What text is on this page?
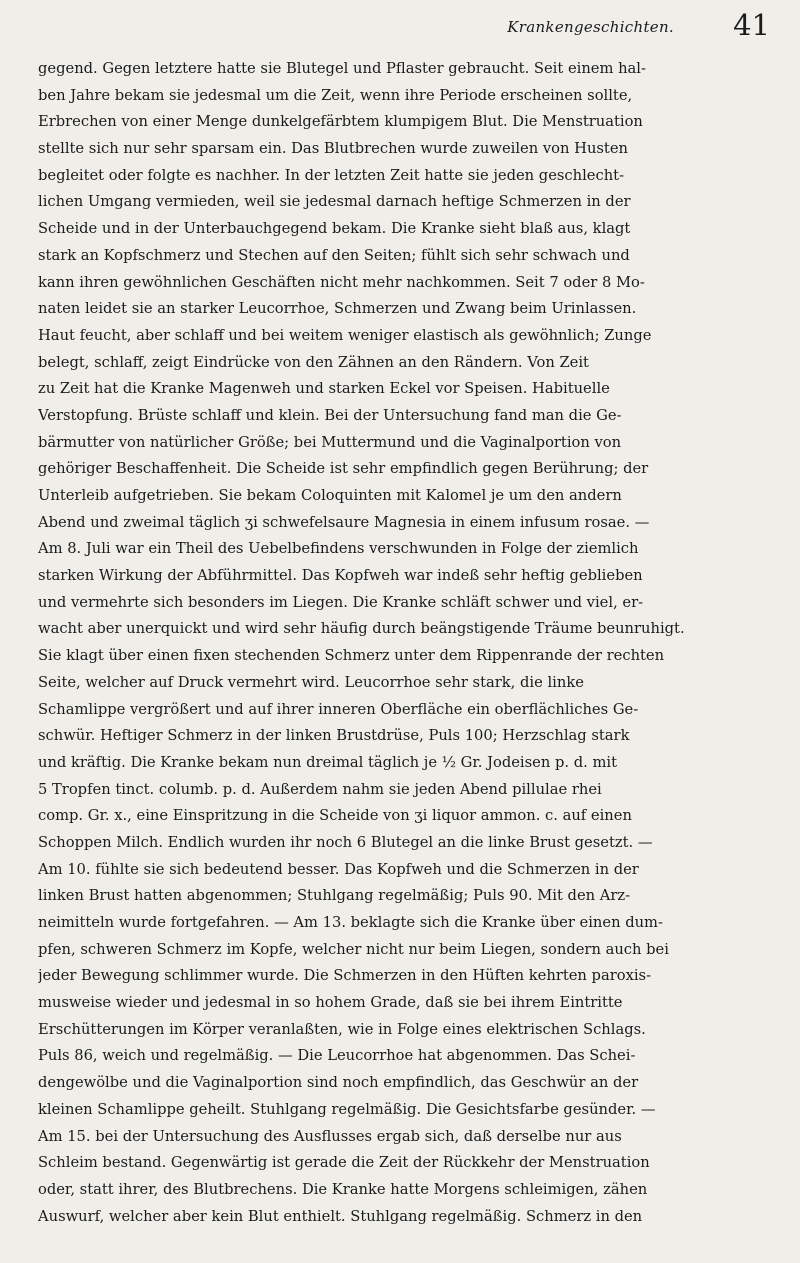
Krankengeschichten. 41
gegend. Gegen letztere hatte sie Blutegel und Pflaster gebraucht. Seit einem hal-
ben Jahre bekam sie jedesmal um die Zeit, wenn ihre Periode erscheinen sollte,
Erbrechen von einer Menge dunkelgefärbtem klumpigem Blut. Die Menstruation
stellte sich nur sehr sparsam ein. Das Blutbrechen wurde zuweilen von Husten
begleitet oder folgte es nachher. In der letzten Zeit hatte sie jeden geschlecht-
lichen Umgang vermieden, weil sie jedesmal darnach heftige Schmerzen in der
Scheide und in der Unterbauchgegend bekam. Die Kranke sieht blaß aus, klagt
stark an Kopfschmerz und Stechen auf den Seiten; fühlt sich sehr schwach und
kann ihren gewöhnlichen Geschäften nicht mehr nachkommen. Seit 7 oder 8 Mo-
naten leidet sie an starker Leucorrhoe, Schmerzen und Zwang beim Urinlassen.
Haut feucht, aber schlaff und bei weitem weniger elastisch als gewöhnlich; Zunge
belegt, schlaff, zeigt Eindrücke von den Zähnen an den Rändern. Von Zeit
zu Zeit hat die Kranke Magenweh und starken Eckel vor Speisen. Habituelle
Verstopfung. Brüste schlaff und klein. Bei der Untersuchung fand man die Ge-
bärmutter von natürlicher Größe; bei Muttermund und die Vaginalportion von
gehöriger Beschaffenheit. Die Scheide ist sehr empfindlich gegen Berührung; der
Unterleib aufgetrieben. Sie bekam Coloquinten mit Kalomel je um den andern
Abend und zweimal täglich ʒi schwefelsaure Magnesia in einem infusum rosae. —
Am 8. Juli war ein Theil des Uebelbefindens verschwunden in Folge der ziemlich
starken Wirkung der Abführmittel. Das Kopfweh war indeß sehr heftig geblieben
und vermehrte sich besonders im Liegen. Die Kranke schläft schwer und viel, er-
wacht aber unerquickt und wird sehr häufig durch beängstigende Träume beunruhigt.
Sie klagt über einen fixen stechenden Schmerz unter dem Rippenrande der rechten
Seite, welcher auf Druck vermehrt wird. Leucorrhoe sehr stark, die linke
Schamlippe vergrößert und auf ihrer inneren Oberfläche ein oberflächliches Ge-
schwür. Heftiger Schmerz in der linken Brustdrüse, Puls 100; Herzschlag stark
und kräftig. Die Kranke bekam nun dreimal täglich je ½ Gr. Jodeisen p. d. mit
5 Tropfen tinct. columb. p. d. Außerdem nahm sie jeden Abend pillulae rhei
comp. Gr. x., eine Einspritzung in die Scheide von ʒi liquor ammon. c. auf einen
Schoppen Milch. Endlich wurden ihr noch 6 Blutegel an die linke Brust gesetzt. —
Am 10. fühlte sie sich bedeutend besser. Das Kopfweh und die Schmerzen in der
linken Brust hatten abgenommen; Stuhlgang regelmäßig; Puls 90. Mit den Arz-
neimitteln wurde fortgefahren. — Am 13. beklagte sich die Kranke über einen dum-
pfen, schweren Schmerz im Kopfe, welcher nicht nur beim Liegen, sondern auch bei
jeder Bewegung schlimmer wurde. Die Schmerzen in den Hüften kehrten paroxis-
musweise wieder und jedesmal in so hohem Grade, daß sie bei ihrem Eintritte
Erschütterungen im Körper veranlaßten, wie in Folge eines elektrischen Schlags.
Puls 86, weich und regelmäßig. — Die Leucorrhoe hat abgenommen. Das Schei-
dengewölbe und die Vaginalportion sind noch empfindlich, das Geschwür an der
kleinen Schamlippe geheilt. Stuhlgang regelmäßig. Die Gesichtsfarbe gesünder. —
Am 15. bei der Untersuchung des Ausflusses ergab sich, daß derselbe nur aus
Schleim bestand. Gegenwärtig ist gerade die Zeit der Rückkehr der Menstruation
oder, statt ihrer, des Blutbrechens. Die Kranke hatte Morgens schleimigen, zähen
Auswurf, welcher aber kein Blut enthielt. Stuhlgang regelmäßig. Schmerz in den
